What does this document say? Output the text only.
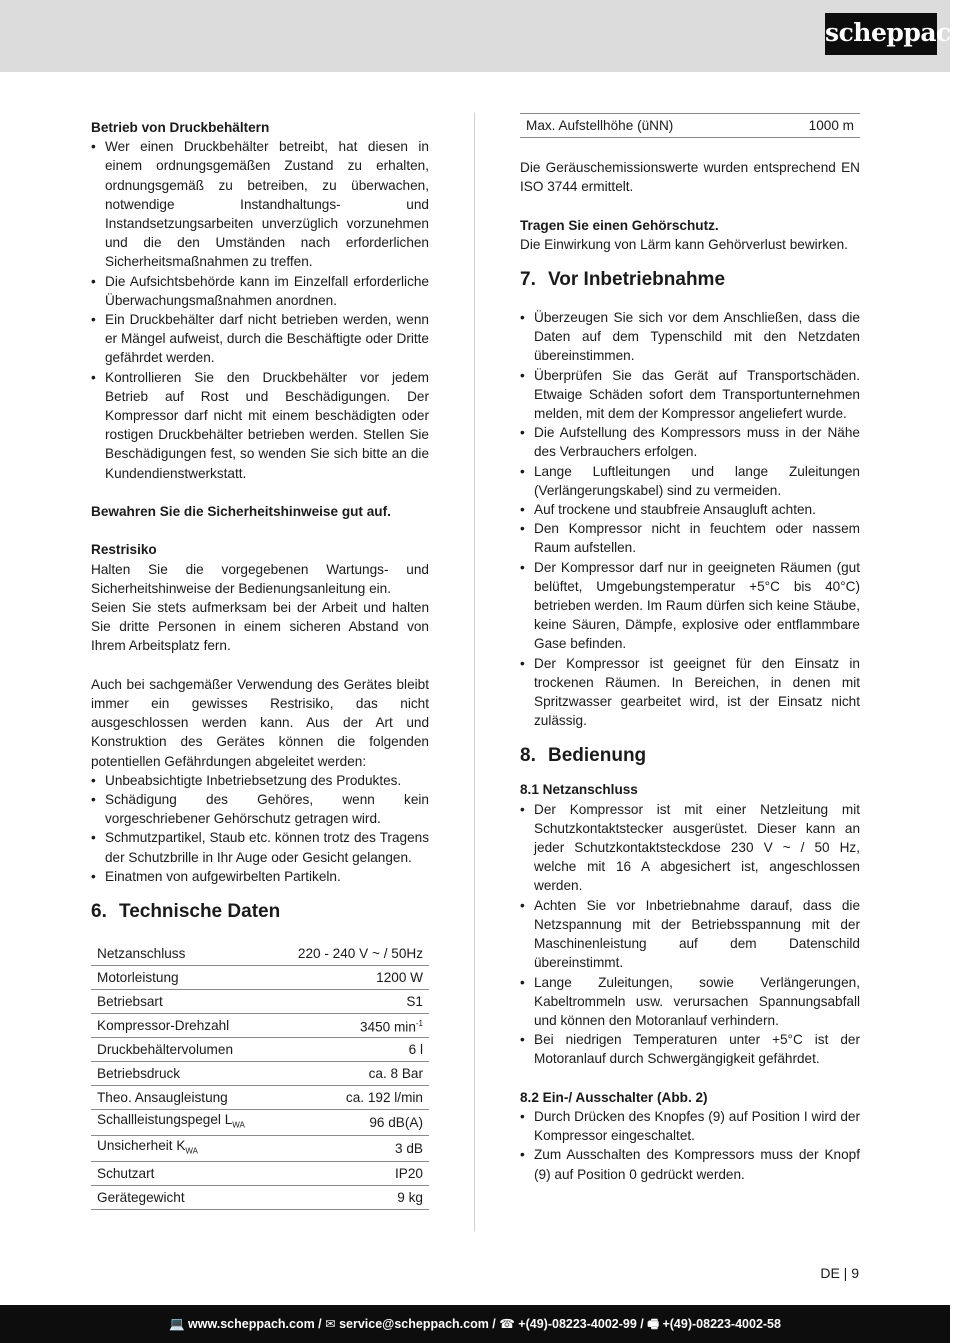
scheppach

Betrieb von Druckbehältern

• Wer einen Druckbehälter betreibt, hat diesen in einem ordnungsgemäßen Zustand zu erhalten, ordnungsgemäß zu betreiben, zu überwachen, notwendige Instandhaltungs- und Instandsetzungsarbeiten unverzüglich vorzunehmen und die den Umständen nach erforderlichen Sicherheitsmaßnahmen zu treffen.
• Die Aufsichtsbehörde kann im Einzelfall erforderliche Überwachungsmaßnahmen anordnen.
• Ein Druckbehälter darf nicht betrieben werden, wenn er Mängel aufweist, durch die Beschäftigte oder Dritte gefährdet werden.
• Kontrollieren Sie den Druckbehälter vor jedem Betrieb auf Rost und Beschädigungen. Der Kompressor darf nicht mit einem beschädigten oder rostigen Druckbehälter betrieben werden. Stellen Sie Beschädigungen fest, so wenden Sie sich bitte an die Kundendienstwerkstatt.

Bewahren Sie die Sicherheitshinweise gut auf.

Restrisiko

Halten Sie die vorgegebenen Wartungs- und Sicherheitshinweise der Bedienungsanleitung ein.

Seien Sie stets aufmerksam bei der Arbeit und halten Sie dritte Personen in einem sicheren Abstand von Ihrem Arbeitsplatz fern.

Auch bei sachgemäßer Verwendung des Gerätes bleibt immer ein gewisses Restrisiko, das nicht ausgeschlossen werden kann. Aus der Art und Konstruktion des Gerätes können die folgenden potentiellen Gefährdungen abgeleitet werden:

• Unbeabsichtigte Inbetriebsetzung des Produktes.
• Schädigung des Gehöres, wenn kein vorgeschriebener Gehörschutz getragen wird.
• Schmutzpartikel, Staub etc. können trotz des Tragens der Schutzbrille in Ihr Auge oder Gesicht gelangen.
• Einatmen von aufgewirbelten Partikeln.
6. Technische Daten
Netzanschluss	220 - 240 V ~ / 50Hz
Motorleistung	1200 W
Betriebsart	S1
Kompressor-Drehzahl	3450 $\min^{-1}$
Druckbehältervolumen	6 l
Betriebsdruck	ca. 8 Bar
Theo. Ansaugleistung	ca. 192 l/min
Schallleistungspegel $L_{WA}$	96 dB(A)
Unsicherheit $K_{WA}$	3 dB
Schutzart	IP20
Gerätegewicht	9 kg
Max. Aufstellhöhe (üNN)	1000 m

Die Geräuschemissionswerte wurden entsprechend EN ISO 3744 ermittelt.

Tragen Sie einen Gehörschutz.

Die Einwirkung von Lärm kann Gehörverlust bewirken.

7. Vor Inbetriebnahme
• Überzeugen Sie sich vor dem Anschließen, dass die Daten auf dem Typenschild mit den Netzdaten übereinstimmen.
• Überprüfen Sie das Gerät auf Transportschäden. Etwaige Schäden sofort dem Transportunternehmen melden, mit dem der Kompressor angeliefert wurde.
• Die Aufstellung des Kompressors muss in der Nähe des Verbrauchers erfolgen.
• Lange Luftleitungen und lange Zuleitungen (Verlängerungskabel) sind zu vermeiden.
• Auf trockene und staubfreie Ansaugluft achten.
• Den Kompressor nicht in feuchtem oder nassem Raum aufstellen.
• Der Kompressor darf nur in geeigneten Räumen (gut belüftet, Umgebungstemperatur +5°C bis 40°C) betrieben werden. Im Raum dürfen sich keine Stäube, keine Säuren, Dämpfe, explosive oder entflammbare Gase befinden.
• Der Kompressor ist geeignet für den Einsatz in trockenen Räumen. In Bereichen, in denen mit Spritzwasser gearbeitet wird, ist der Einsatz nicht zulässig.
8. Bedienung

8.1 Netzanschluss

• Der Kompressor ist mit einer Netzleitung mit Schutzkontaktstecker ausgerüstet. Dieser kann an jeder Schutzkontaktsteckdose 230 V ~ / 50 Hz, welche mit 16 A abgesichert ist, angeschlossen werden.
• Achten Sie vor Inbetriebnahme darauf, dass die Netzspannung mit der Betriebsspannung mit der Maschinenleistung auf dem Datenschild übereinstimmt.
• Lange Zuleitungen, sowie Verlängerungen, Kabeltrommeln usw. verursachen Spannungsabfall und können den Motoranlauf verhindern.
• Bei niedrigen Temperaturen unter +5°C ist der Motoranlauf durch Schwergängigkeit gefährdet.

8.2 Ein-/ Ausschalter (Abb. 2)

• Durch Drücken des Knopfes (9) auf Position I wird der Kompressor eingeschaltet.
• Zum Ausschalten des Kompressors muss der Knopf (9) auf Position 0 gedrückt werden.
DE | 9
💻 www.scheppach.com / ✉ service@scheppach.com / ☎ +(49)-08223-4002-99 / 🖷 +(49)-08223-4002-58
